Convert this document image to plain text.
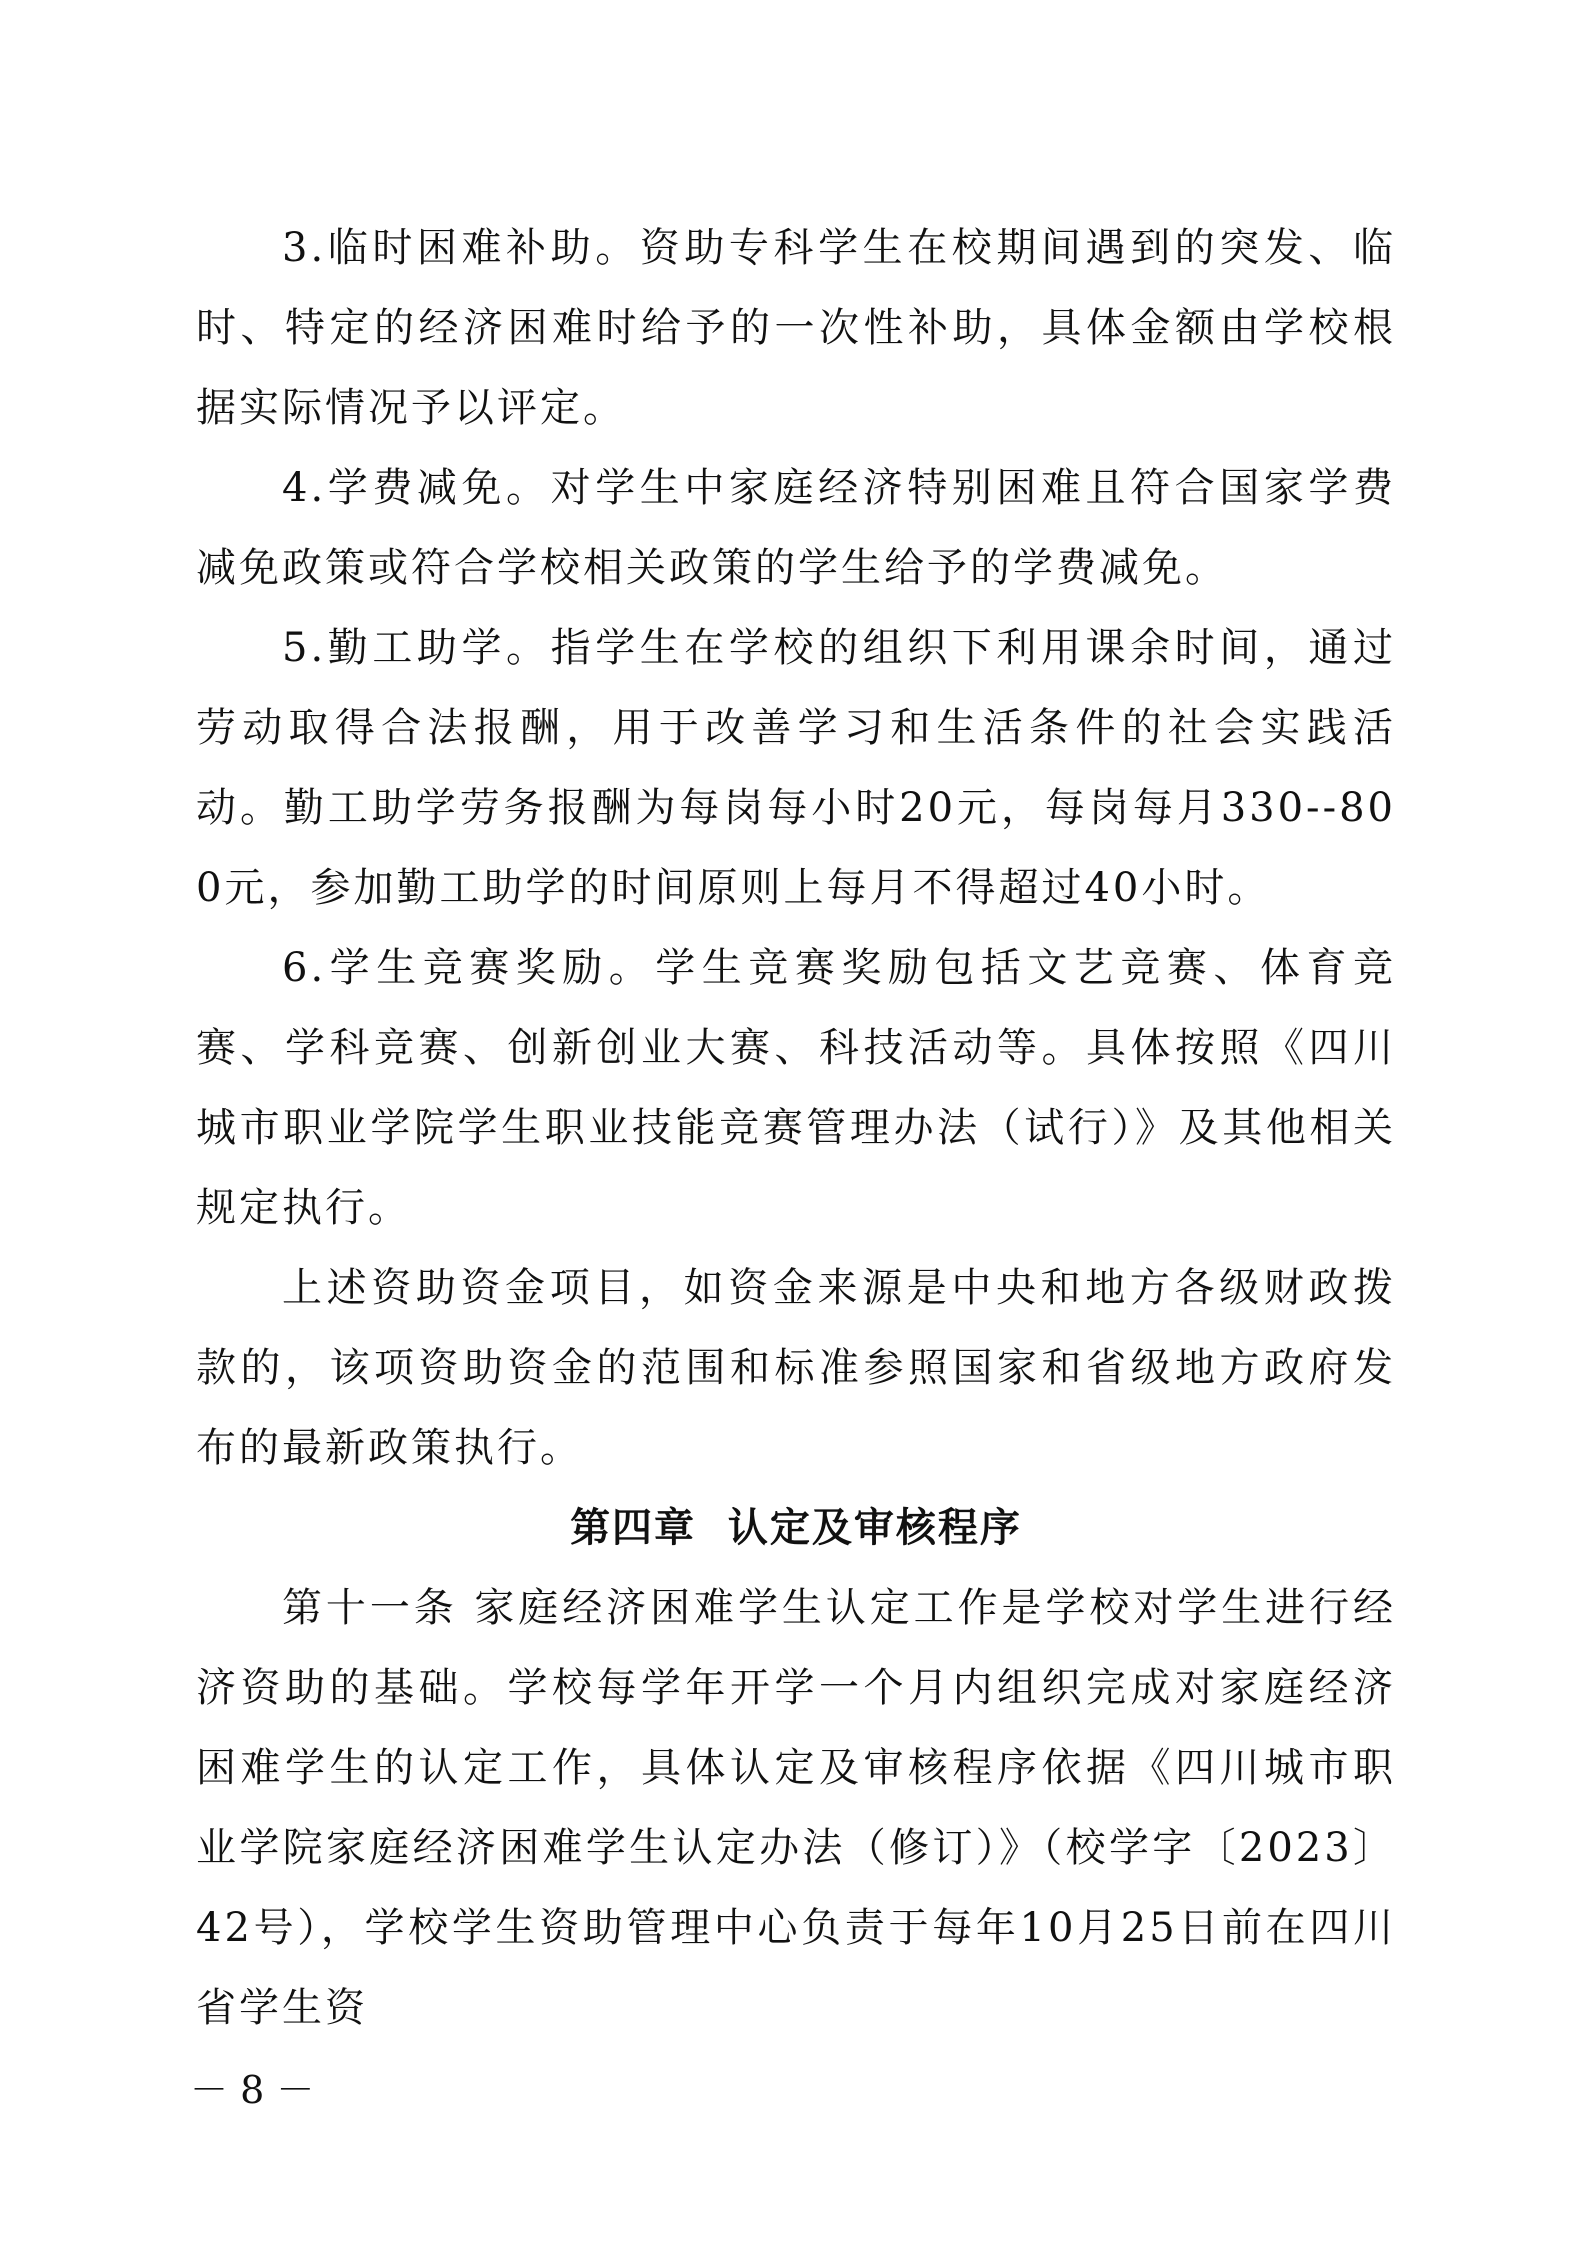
3.临时困难补助。资助专科学生在校期间遇到的突发、临时、特定的经济困难时给予的一次性补助，具体金额由学校根据实际情况予以评定。

4.学费减免。对学生中家庭经济特别困难且符合国家学费减免政策或符合学校相关政策的学生给予的学费减免。

5.勤工助学。指学生在学校的组织下利用课余时间，通过劳动取得合法报酬，用于改善学习和生活条件的社会实践活动。勤工助学劳务报酬为每岗每小时20元，每岗每月330--800元，参加勤工助学的时间原则上每月不得超过40小时。

6.学生竞赛奖励。学生竞赛奖励包括文艺竞赛、体育竞赛、学科竞赛、创新创业大赛、科技活动等。具体按照《四川城市职业学院学生职业技能竞赛管理办法（试行）》及其他相关规定执行。

上述资助资金项目，如资金来源是中央和地方各级财政拨款的，该项资助资金的范围和标准参照国家和省级地方政府发布的最新政策执行。

第四章  认定及审核程序

第十一条 家庭经济困难学生认定工作是学校对学生进行经济资助的基础。学校每学年开学一个月内组织完成对家庭经济困难学生的认定工作，具体认定及审核程序依据《四川城市职业学院家庭经济困难学生认定办法（修订）》（校学字〔2023〕42号），学校学生资助管理中心负责于每年10月25日前在四川省学生资

－ 8 －
